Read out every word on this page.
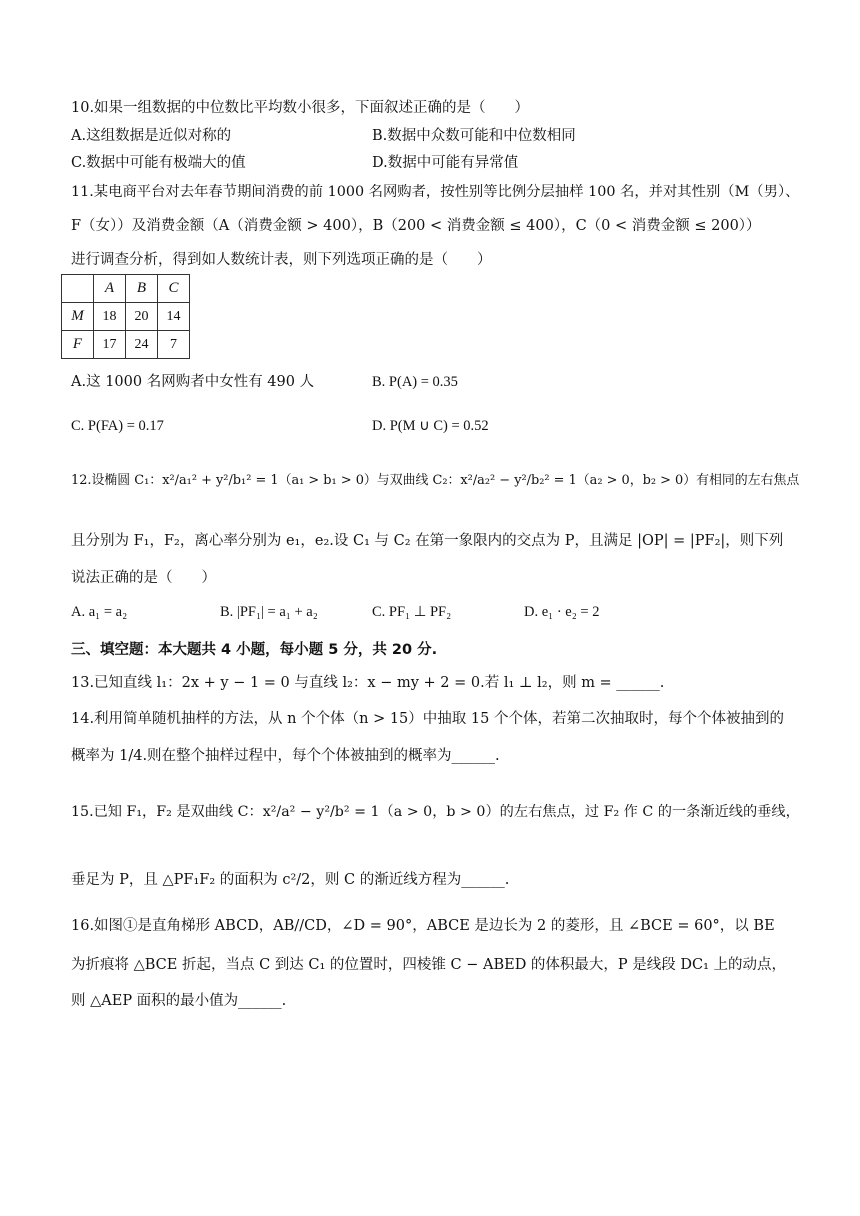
10.如果一组数据的中位数比平均数小很多，下面叙述正确的是（　　）
A.这组数据是近似对称的	B.数据中众数可能和中位数相同
C.数据中可能有极端大的值	D.数据中可能有异常值
11.某电商平台对去年春节期间消费的前 1000 名网购者，按性别等比例分层抽样 100 名，并对其性别（M（男）、
F（女））及消费金额（A（消费金额 > 400），B（200 < 消费金额 ≤ 400），C（0 < 消费金额 ≤ 200））
进行调查分析，得到如人数统计表，则下列选项正确的是（　　）
	A	B	C
M	18	20	14
F	17	24	7
A.这 1000 名网购者中女性有 490 人	B. P(A) = 0.35
C. P(FA) = 0.17	D. P(M ∪ C) = 0.52
12.设椭圆 C₁：x²/a₁² + y²/b₁² = 1（a₁ > b₁ > 0）与双曲线 C₂：x²/a₂² − y²/b₂² = 1（a₂ > 0，b₂ > 0）有相同的左右焦点
且分别为 F₁，F₂，离心率分别为 e₁，e₂.设 C₁ 与 C₂ 在第一象限内的交点为 P，且满足 |OP| = |PF₂|，则下列
说法正确的是（　　）
A. a₁ = a₂	B. |PF₁| = a₁ + a₂	C. PF₁ ⊥ PF₂	D. e₁ · e₂ = 2
三、填空题：本大题共 4 小题，每小题 5 分，共 20 分.
13.已知直线 l₁：2x + y − 1 = 0 与直线 l₂：x − my + 2 = 0.若 l₁ ⊥ l₂，则 m = ______.
14.利用简单随机抽样的方法，从 n 个个体（n > 15）中抽取 15 个个体，若第二次抽取时，每个个体被抽到的
概率为 1/4.则在整个抽样过程中，每个个体被抽到的概率为______.
15.已知 F₁，F₂ 是双曲线 C：x²/a² − y²/b² = 1（a > 0，b > 0）的左右焦点，过 F₂ 作 C 的一条渐近线的垂线，
垂足为 P，且 △PF₁F₂ 的面积为 c²/2，则 C 的渐近线方程为______.
16.如图①是直角梯形 ABCD，AB//CD，∠D = 90°，ABCE 是边长为 2 的菱形，且 ∠BCE = 60°，以 BE
为折痕将 △BCE 折起，当点 C 到达 C₁ 的位置时，四棱锥 C − ABED 的体积最大，P 是线段 DC₁ 上的动点，
则 △AEP 面积的最小值为______.
